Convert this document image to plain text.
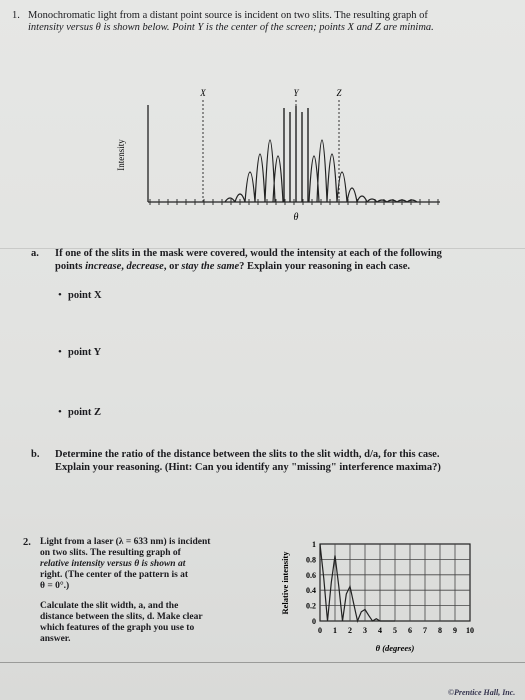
1. Monochromatic light from a distant point source is incident on two slits. The resulting graph of
intensity versus θ is shown below. Point Y is the center of the screen; points X and Z are minima.
X	Y	Z
Intensity
θ
a. If one of the slits in the mask were covered, would the intensity at each of the following
points increase, decrease, or stay the same? Explain your reasoning in each case.
• point X
• point Y
• point Z
b. Determine the ratio of the distance between the slits to the slit width, d/a, for this case.
Explain your reasoning. (Hint: Can you identify any "missing" interference maxima?)
2. Light from a laser (λ = 633 nm) is incident
on two slits. The resulting graph of
relative intensity versus θ is shown at
right. (The center of the pattern is at
θ = 0°.)
Calculate the slit width, a, and the
distance between the slits, d. Make clear
which features of the graph you use to
answer.
1
0.8
0.6
0.4
0.2
0
0 1 2 3 4 5 6 7 8 9 10
Relative intensity
θ (degrees)
©Prentice Hall, Inc.
